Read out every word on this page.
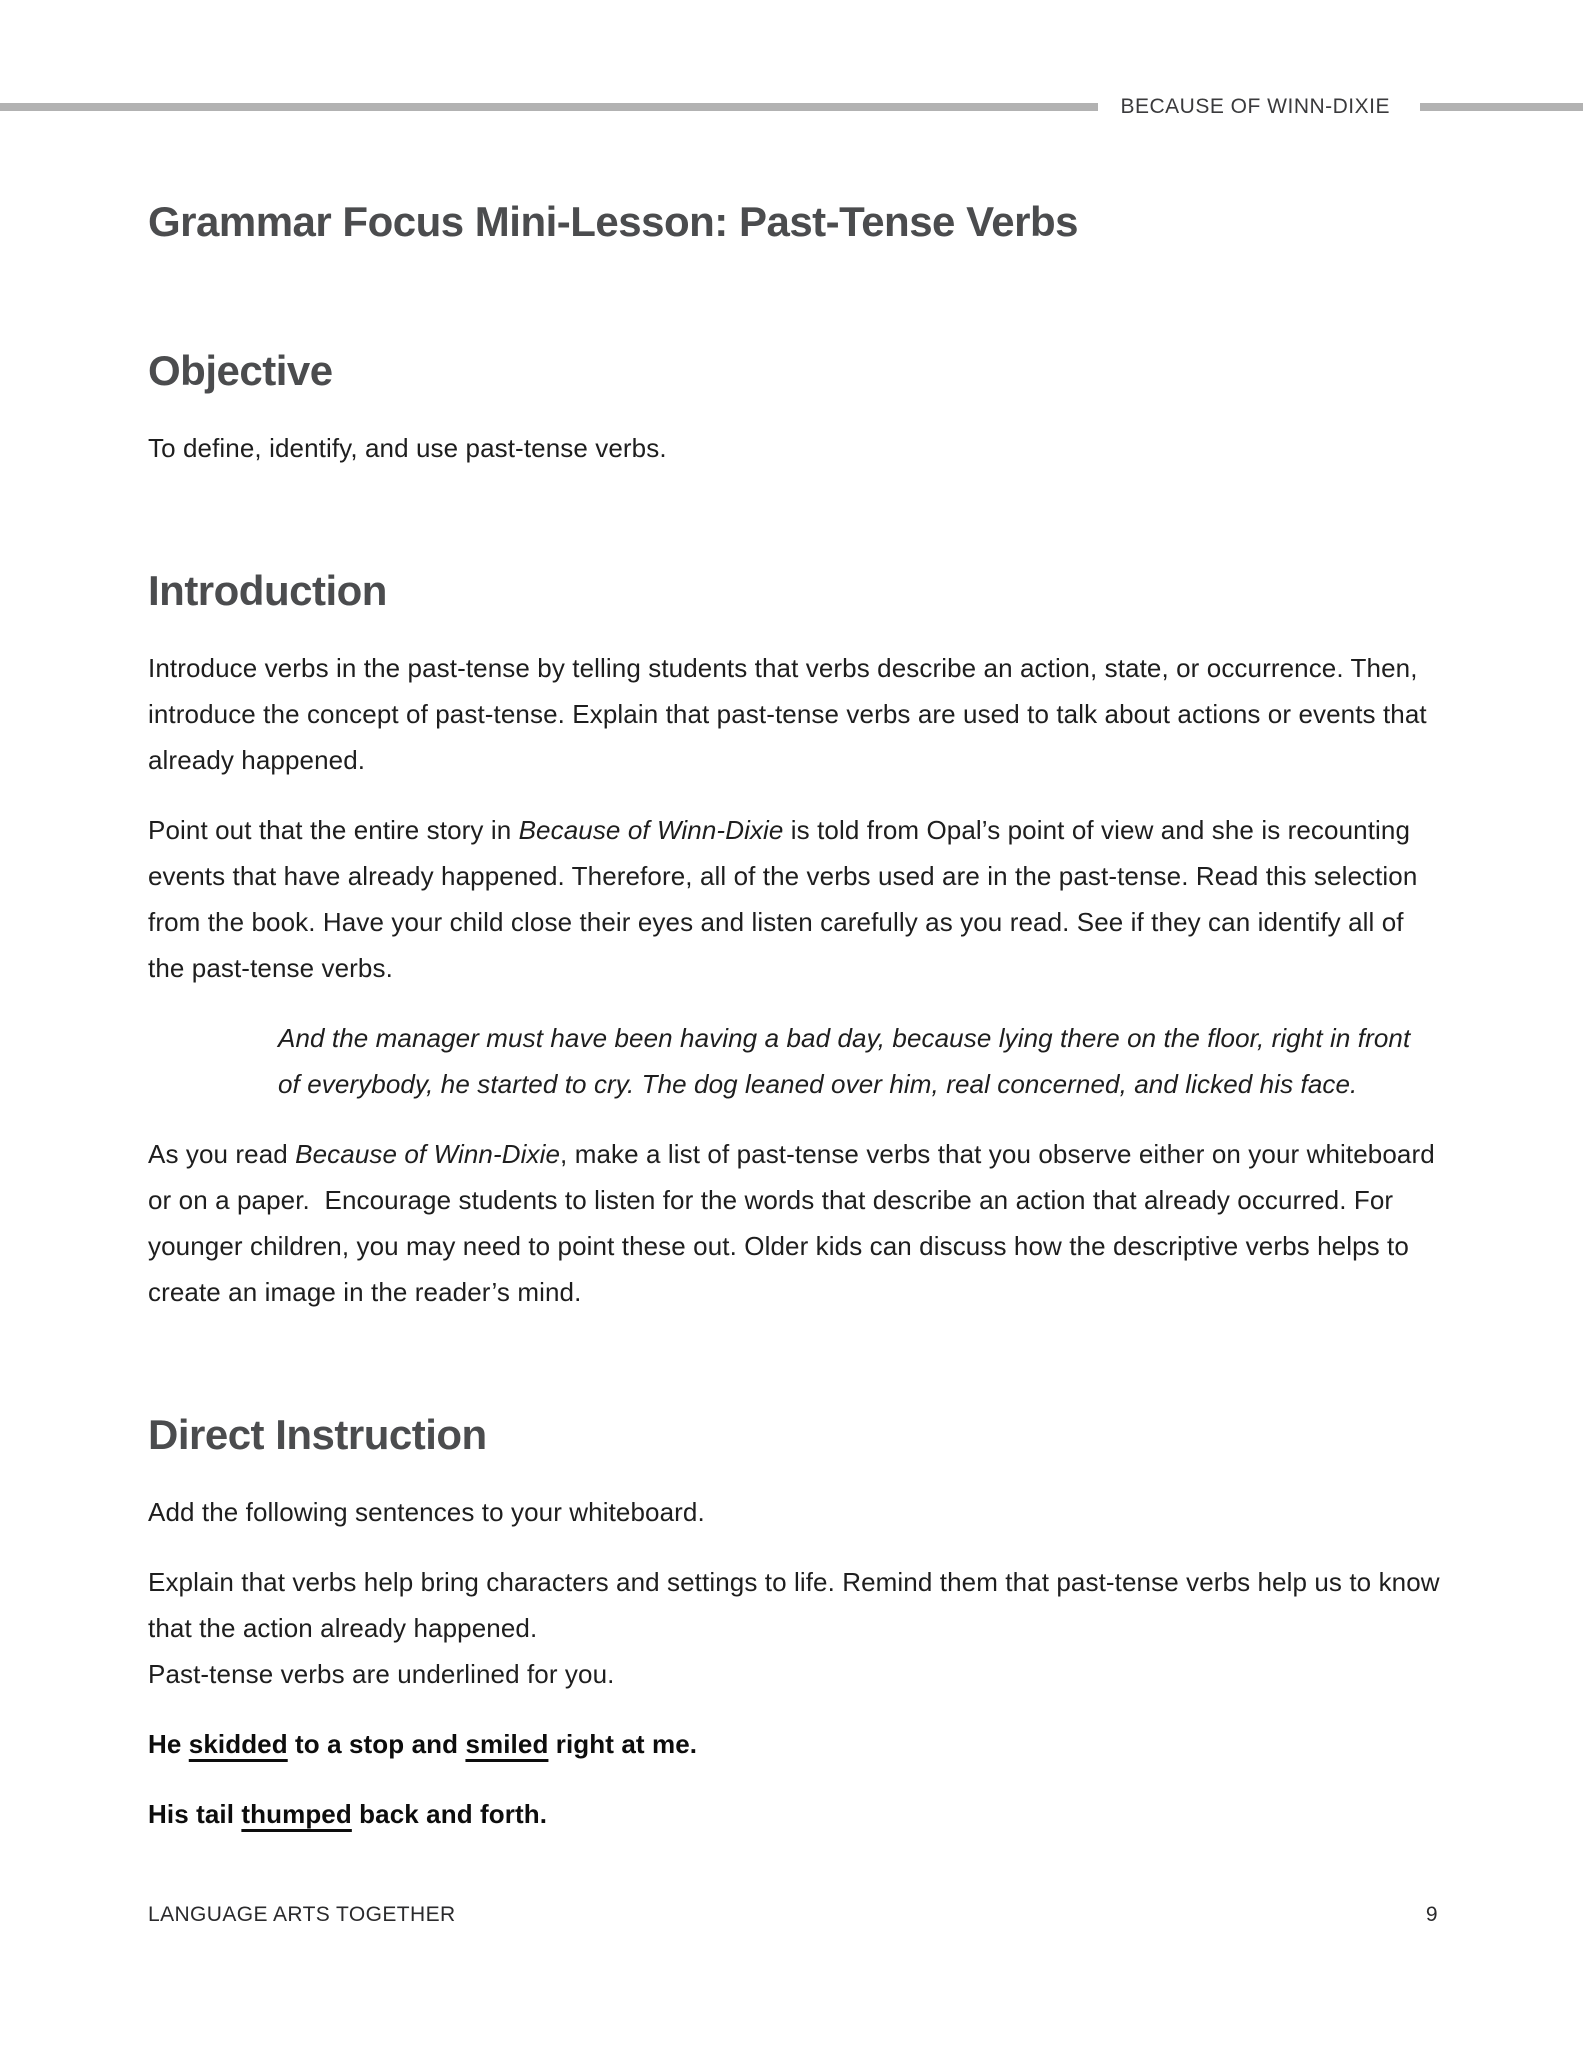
BECAUSE OF WINN-DIXIE
Grammar Focus Mini-Lesson: Past-Tense Verbs
Objective

To define, identify, and use past-tense verbs.

Introduction

Introduce verbs in the past-tense by telling students that verbs describe an action, state, or occurrence. Then, introduce the concept of past-tense. Explain that past-tense verbs are used to talk about actions or events that already happened.

Point out that the entire story in Because of Winn-Dixie is told from Opal’s point of view and she is recounting events that have already happened. Therefore, all of the verbs used are in the past-tense. Read this selection from the book. Have your child close their eyes and listen carefully as you read. See if they can identify all of the past-tense verbs.

And the manager must have been having a bad day, because lying there on the floor, right in front of everybody, he started to cry. The dog leaned over him, real concerned, and licked his face.

As you read Because of Winn-Dixie, make a list of past-tense verbs that you observe either on your whiteboard or on a paper.  Encourage students to listen for the words that describe an action that already occurred. For younger children, you may need to point these out. Older kids can discuss how the descriptive verbs helps to create an image in the reader’s mind.

Direct Instruction

Add the following sentences to your whiteboard.

Explain that verbs help bring characters and settings to life. Remind them that past-tense verbs help us to know that the action already happened.
Past-tense verbs are underlined for you.

He skidded to a stop and smiled right at me.

His tail thumped back and forth.

LANGUAGE ARTS TOGETHER	9
